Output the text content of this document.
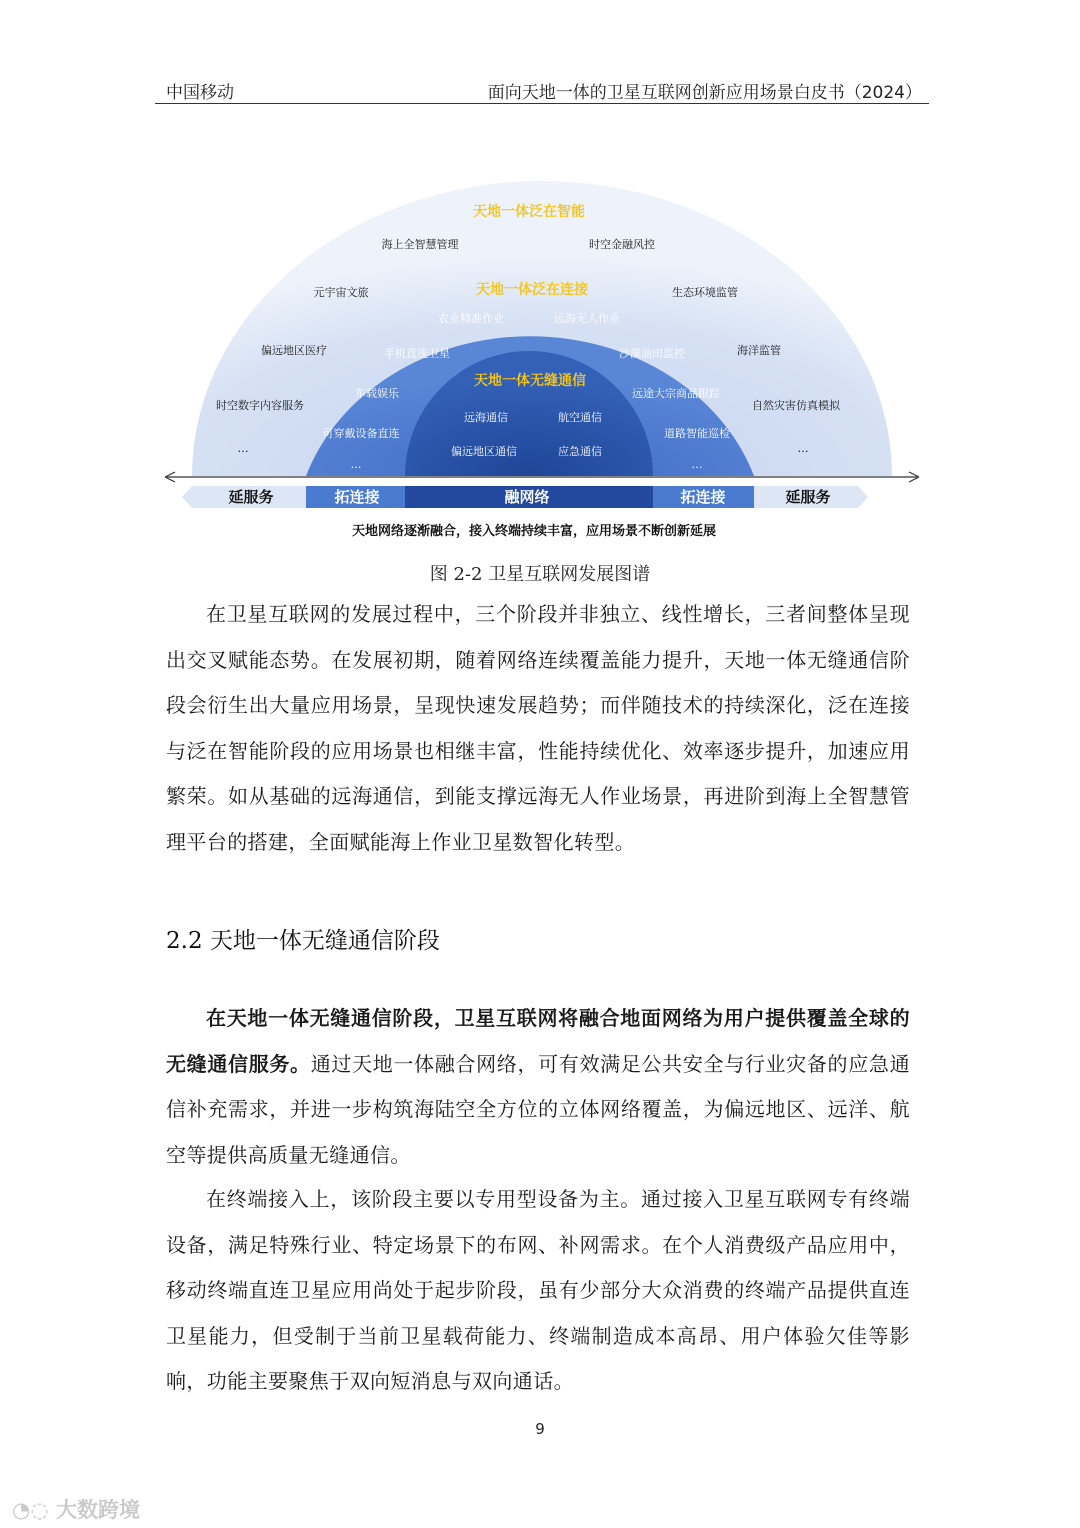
中国移动	面向天地一体的卫星互联网创新应用场景白皮书（2024）
天地一体泛在智能
天地一体泛在连接
天地一体无缝通信
海上全智慧管理	时空金融风控
元宇宙文旅	生态环境监管
偏远地区医疗	海洋监管
时空数字内容服务	自然灾害仿真模拟
…	…
农业精准作业	远海无人作业
手机直连卫星	沙漠油田监控
车载娱乐	远途大宗商品跟踪
可穿戴设备直连	道路智能巡检
…	…
远海通信	航空通信
偏远地区通信	应急通信
延服务	拓连接	融网络	拓连接	延服务
天地网络逐渐融合，接入终端持续丰富，应用场景不断创新延展
图 2-2 卫星互联网发展图谱

在卫星互联网的发展过程中，三个阶段并非独立、线性增长，三者间整体呈现出交叉赋能态势。在发展初期，随着网络连续覆盖能力提升，天地一体无缝通信阶段会衍生出大量应用场景，呈现快速发展趋势；而伴随技术的持续深化，泛在连接与泛在智能阶段的应用场景也相继丰富，性能持续优化、效率逐步提升，加速应用繁荣。如从基础的远海通信，到能支撑远海无人作业场景，再进阶到海上全智慧管理平台的搭建，全面赋能海上作业卫星数智化转型。

2.2 天地一体无缝通信阶段

在天地一体无缝通信阶段，卫星互联网将融合地面网络为用户提供覆盖全球的无缝通信服务。通过天地一体融合网络，可有效满足公共安全与行业灾备的应急通信补充需求，并进一步构筑海陆空全方位的立体网络覆盖，为偏远地区、远洋、航空等提供高质量无缝通信。

在终端接入上，该阶段主要以专用型设备为主。通过接入卫星互联网专有终端设备，满足特殊行业、特定场景下的布网、补网需求。在个人消费级产品应用中，移动终端直连卫星应用尚处于起步阶段，虽有少部分大众消费的终端产品提供直连卫星能力，但受制于当前卫星载荷能力、终端制造成本高昂、用户体验欠佳等影响，功能主要聚焦于双向短消息与双向通话。

9
◔◌ 大数跨境
